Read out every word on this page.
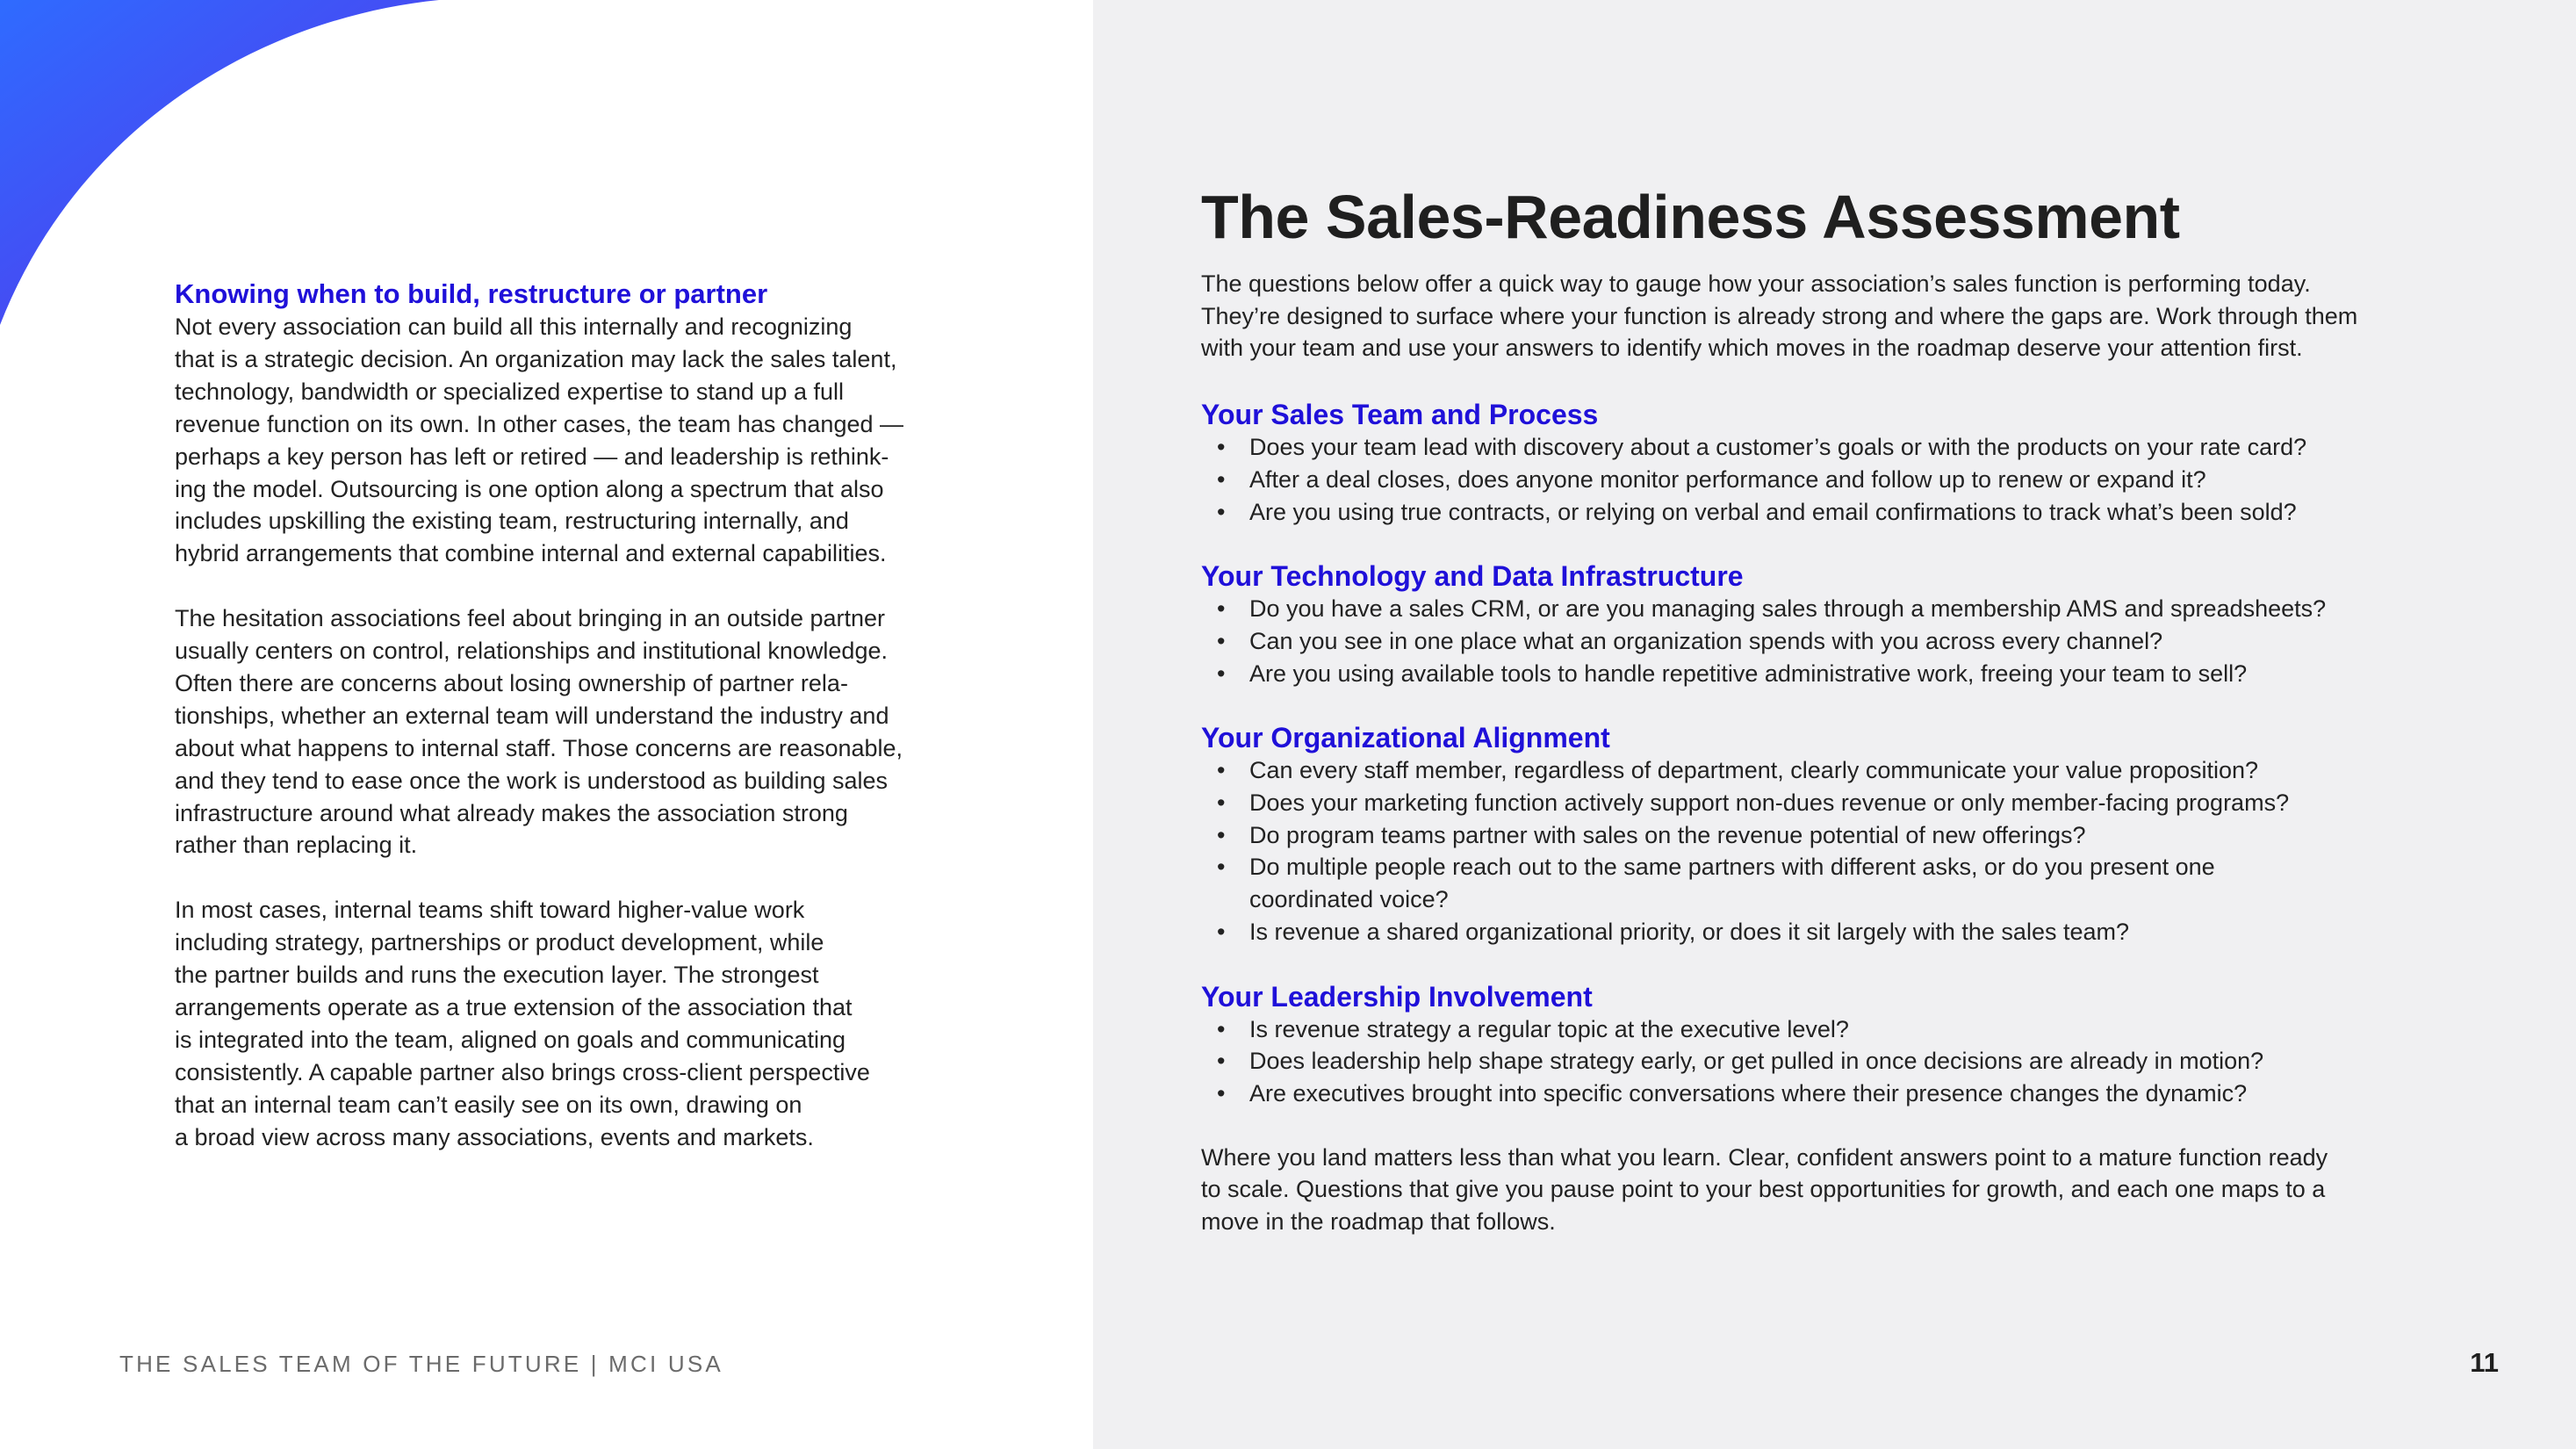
Knowing when to build, restructure or partner

Not every association can build all this internally and recognizing
that is a strategic decision. An organization may lack the sales talent,
technology, bandwidth or specialized expertise to stand up a full
revenue function on its own. In other cases, the team has changed —
perhaps a key person has left or retired — and leadership is rethink-
ing the model. Outsourcing is one option along a spectrum that also
includes upskilling the existing team, restructuring internally, and
hybrid arrangements that combine internal and external capabilities.

The hesitation associations feel about bringing in an outside partner
usually centers on control, relationships and institutional knowledge.
Often there are concerns about losing ownership of partner rela-
tionships, whether an external team will understand the industry and
about what happens to internal staff. Those concerns are reasonable,
and they tend to ease once the work is understood as building sales
infrastructure around what already makes the association strong
rather than replacing it.

In most cases, internal teams shift toward higher-value work
including strategy, partnerships or product development, while
the partner builds and runs the execution layer. The strongest
arrangements operate as a true extension of the association that
is integrated into the team, aligned on goals and communicating
consistently. A capable partner also brings cross-client perspective
that an internal team can’t easily see on its own, drawing on
a broad view across many associations, events and markets.

THE SALES TEAM OF THE FUTURE | MCI USA	11
The Sales-Readiness Assessment

The questions below offer a quick way to gauge how your association’s sales function is performing today.
They’re designed to surface where your function is already strong and where the gaps are. Work through them
with your team and use your answers to identify which moves in the roadmap deserve your attention first.

Your Sales Team and Process
• Does your team lead with discovery about a customer’s goals or with the products on your rate card?
• After a deal closes, does anyone monitor performance and follow up to renew or expand it?
• Are you using true contracts, or relying on verbal and email confirmations to track what’s been sold?
Your Technology and Data Infrastructure
• Do you have a sales CRM, or are you managing sales through a membership AMS and spreadsheets?
• Can you see in one place what an organization spends with you across every channel?
• Are you using available tools to handle repetitive administrative work, freeing your team to sell?
Your Organizational Alignment
• Can every staff member, regardless of department, clearly communicate your value proposition?
• Does your marketing function actively support non-dues revenue or only member-facing programs?
• Do program teams partner with sales on the revenue potential of new offerings?
• Do multiple people reach out to the same partners with different asks, or do you present one
coordinated voice?
• Is revenue a shared organizational priority, or does it sit largely with the sales team?
Your Leadership Involvement
• Is revenue strategy a regular topic at the executive level?
• Does leadership help shape strategy early, or get pulled in once decisions are already in motion?
• Are executives brought into specific conversations where their presence changes the dynamic?

Where you land matters less than what you learn. Clear, confident answers point to a mature function ready
to scale. Questions that give you pause point to your best opportunities for growth, and each one maps to a
move in the roadmap that follows.
